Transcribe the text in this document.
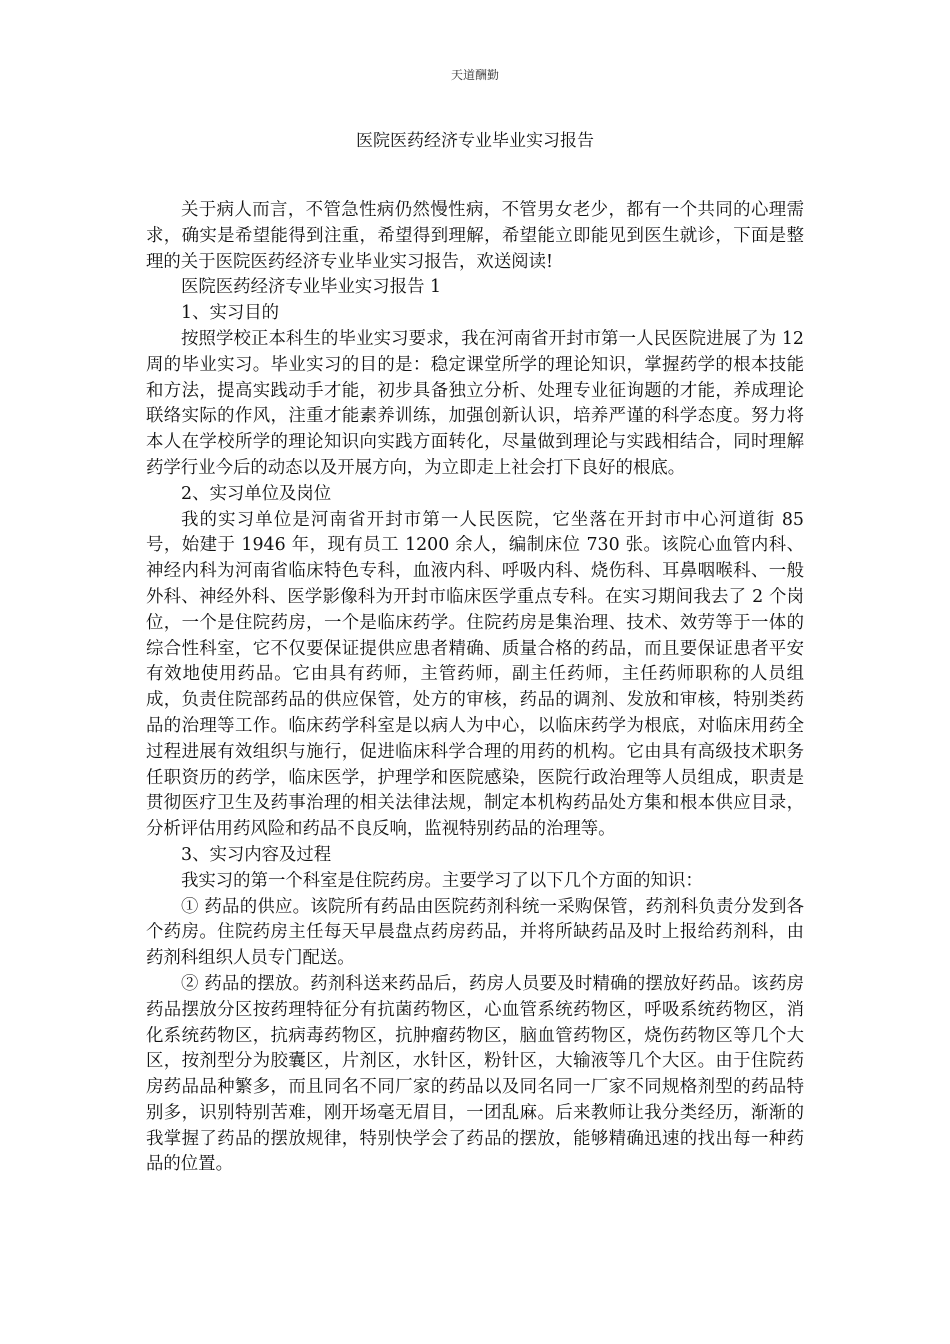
天道酬勤
医院医药经济专业毕业实习报告

关于病人而言，不管急性病仍然慢性病，不管男女老少，都有一个共同的心理需求，确实是希望能得到注重，希望得到理解，希望能立即能见到医生就诊，下面是整理的关于医院医药经济专业毕业实习报告，欢送阅读!

医院医药经济专业毕业实习报告 1

1、实习目的

按照学校正本科生的毕业实习要求，我在河南省开封市第一人民医院进展了为 12 周的毕业实习。毕业实习的目的是：稳定课堂所学的理论知识，掌握药学的根本技能和方法，提高实践动手才能，初步具备独立分析、处理专业征询题的才能，养成理论联络实际的作风，注重才能素养训练，加强创新认识，培养严谨的科学态度。努力将本人在学校所学的理论知识向实践方面转化，尽量做到理论与实践相结合，同时理解药学行业今后的动态以及开展方向，为立即走上社会打下良好的根底。

2、实习单位及岗位

我的实习单位是河南省开封市第一人民医院，它坐落在开封市中心河道街 85 号，始建于 1946 年，现有员工 1200 余人，编制床位 730 张。该院心血管内科、神经内科为河南省临床特色专科，血液内科、呼吸内科、烧伤科、耳鼻咽喉科、一般外科、神经外科、医学影像科为开封市临床医学重点专科。在实习期间我去了 2 个岗位，一个是住院药房，一个是临床药学。住院药房是集治理、技术、效劳等于一体的综合性科室，它不仅要保证提供应患者精确、质量合格的药品，而且要保证患者平安有效地使用药品。它由具有药师，主管药师，副主任药师，主任药师职称的人员组成，负责住院部药品的供应保管，处方的审核，药品的调剂、发放和审核，特别类药品的治理等工作。临床药学科室是以病人为中心，以临床药学为根底，对临床用药全过程进展有效组织与施行，促进临床科学合理的用药的机构。它由具有高级技术职务任职资历的药学，临床医学，护理学和医院感染，医院行政治理等人员组成，职责是贯彻医疗卫生及药事治理的相关法律法规，制定本机构药品处方集和根本供应目录，分析评估用药风险和药品不良反响，监视特别药品的治理等。

3、实习内容及过程

我实习的第一个科室是住院药房。主要学习了以下几个方面的知识：

① 药品的供应。该院所有药品由医院药剂科统一采购保管，药剂科负责分发到各个药房。住院药房主任每天早晨盘点药房药品，并将所缺药品及时上报给药剂科，由药剂科组织人员专门配送。

② 药品的摆放。药剂科送来药品后，药房人员要及时精确的摆放好药品。该药房药品摆放分区按药理特征分有抗菌药物区，心血管系统药物区，呼吸系统药物区，消化系统药物区，抗病毒药物区，抗肿瘤药物区，脑血管药物区，烧伤药物区等几个大区，按剂型分为胶囊区，片剂区，水针区，粉针区，大输液等几个大区。由于住院药房药品品种繁多，而且同名不同厂家的药品以及同名同一厂家不同规格剂型的药品特别多，识别特别苦难，刚开场毫无眉目，一团乱麻。后来教师让我分类经历，渐渐的我掌握了药品的摆放规律，特别快学会了药品的摆放，能够精确迅速的找出每一种药品的位置。
